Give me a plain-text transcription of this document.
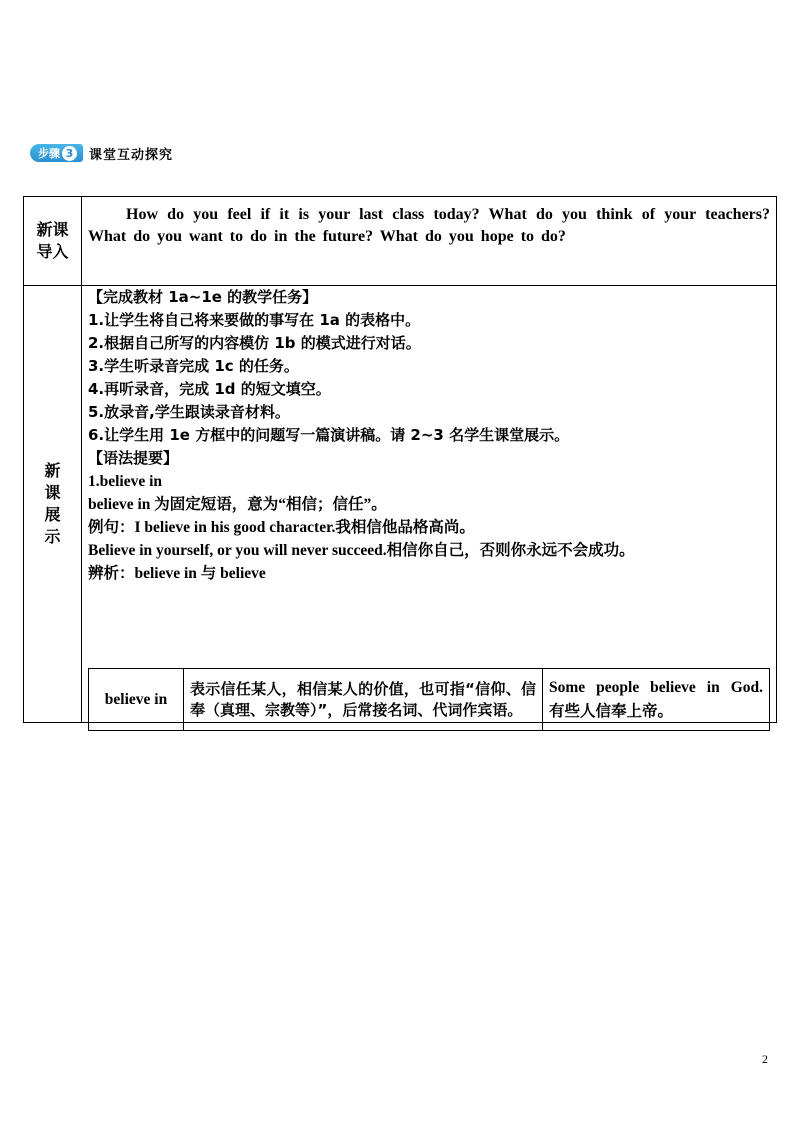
步骤 3 课堂互动探究
新课导入
How do you feel if it is your last class today? What do you think of your teachers? What do you want to do in the future? What do you hope to do?
新课展示
【完成教材 1a~1e 的教学任务】
1.让学生将自己将来要做的事写在 1a 的表格中。
2.根据自己所写的内容模仿 1b 的模式进行对话。
3.学生听录音完成 1c 的任务。
4.再听录音，完成 1d 的短文填空。
5.放录音,学生跟读录音材料。
6.让学生用 1e 方框中的问题写一篇演讲稿。请 2~3 名学生课堂展示。
【语法提要】
1.believe in
believe in 为固定短语，意为“相信；信任”。
例句：I believe in his good character.我相信他品格高尚。
Believe in yourself, or you will never succeed.相信你自己，否则你永远不会成功。
辨析：believe in 与 believe
believe in	表示信任某人，相信某人的价值，也可指“信仰、信奉（真理、宗教等）”，后常接名词、代词作宾语。	Some people believe in God.　有些人信奉上帝。
2
